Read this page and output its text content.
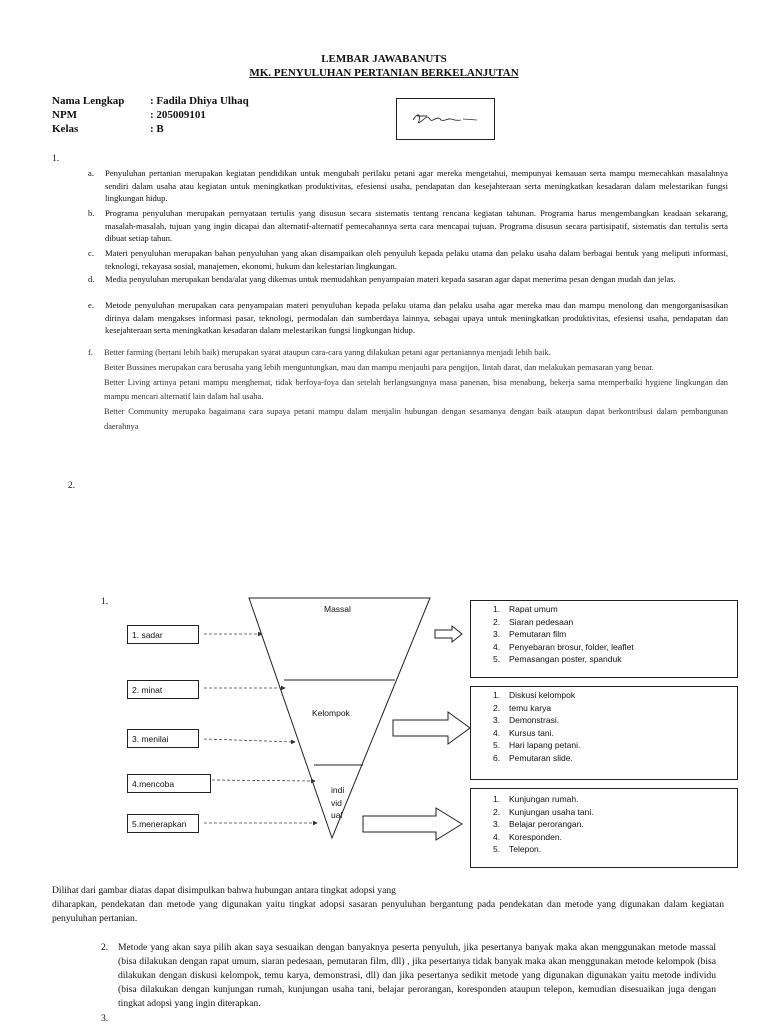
LEMBAR JAWABANUTS
MK. PENYULUHAN PERTANIAN BERKELANJUTAN
Nama Lengkap : Fadila Dhiya Ulhaq
NPM	: 205009101
Kelas	: B
1.
a. Penyuluhan pertanian merupakan kegiatan pendidikan untuk mengubah perilaku petani agar mereka mengetahui, mempunyai kemauan serta mampu memecahkan masalahnya sendiri dalam usaha atau kegiatan untuk meningkatkan produktivitas, efesiensi usaha, pendapatan dan kesejahteraan serta meningkatkan kesadaran dalam melestarikan fungsi lingkungan hidup.
b. Programa penyuluhan merupakan pernyataan tertulis yang disusun secara sistematis tentang rencana kegiatan tahunan. Programa harus mengembangkan keadaan sekarang, masalah-masalah, tujuan yang ingin dicapai dan alternatif-alternatif pemecahannya serta cara mencapai tujuan. Programa disusun secara partisipatif, sistematis dan tertulis serta dibuat setiap tahun.
c. Materi penyuluhan merupakan bahan penyuluhan yang akan disampaikan oleh penyuluh kepada pelaku utama dan pelaku usaha dalam berbagai bentuk yang meliputi informasi, teknologi, rekayasa sosial, manajemen, ekonomi, hukum dan kelestarian lingkungan.
d. Media penyuluhan merupakan benda/alat yang dikemas untuk memudahkan penyampaian materi kepada sasaran agar dapat menerima pesan dengan mudah dan jelas.
e. Metode penyuluhan merupakan cara penyampaian materi penyuluhan kepada pelaku utama dan pelaku usaha agar mereka mau dan mampu menolong dan mengorganisasikan dirinya dalam mengakses informasi pasar, teknologi, permodalan dan sumberdaya lainnya, sebagai upaya untuk meningkatkan produktivitas, efesiensi usaha, pendapatan dan kesejahteraan serta meningkatkan kesadaran dalam melestarikan fungsi lingkungan hidup.
f. Better farming (bertani lebih baik) merupakan syarat ataupun cara-cara yanng dilakukan petani agar pertaniannya menjadi lebih baik.
Better Bussines merupakan cara berusaha yang lebih menguntungkan, mau dan mampu menjauhi para pengijon, lintah darat, dan melakukan pemasaran yang benar.
Better Living artinya petani mampu menghemat, tidak berfoya-foya dan setelah berlangsungnya masa panenan, bisa menabung, bekerja sama memperbaiki hygiene lingkungan dan mampu mencari alternatif lain dalam hal usaha.
Better Community merupaka bagaimana cara supaya petani mampu dalam menjalin hubungan dengan sesamanya dengan baik ataupun dapat berkontribusi dalam pembangunan daerahnya
2.
1.
Massal
Kelompok
indi
vid
ual
1. sadar
2. minat
3. menilai
4.mencoba
5.menerapkan
1. Rapat umum
2. Siaran pedesaan
3. Pemutaran film
4. Penyebaran brosur, folder, leaflet
5. Pemasangan poster, spanduk
1. Diskusi kelompok
2. temu karya
3. Demonstrasi.
4. Kursus tani.
5. Hari lapang petani.
6. Pemutaran slide.
1. Kunjungan rumah.
2. Kunjungan usaha tani.
3. Belajar perorangan.
4. Koresponden.
5. Telepon.
Dilihat dari gambar diatas dapat disimpulkan bahwa hubungan antara tingkat adopsi yang
diharapkan, pendekatan dan metode yang digunakan yaitu tingkat adopsi sasaran penyuluhan bergantung pada pendekatan dan metode yang digunakan dalam kegiatan penyuluhan pertanian.
2. Metode yang akan saya pilih akan saya sesuaikan dengan banyaknya peserta penyuluh, jika pesertanya banyak maka akan menggunakan metode massal (bisa dilakukan dengan rapat umum, siaran pedesaan, pemutaran film, dll) , jika pesertanya tidak banyak maka akan menggunakan metode kelompok (bisa dilakukan dengan diskusi kelompok, temu karya, demonstrasi, dll) dan jika pesertanya sedikit metode yang digunakan digunakan yaitu metode individu (bisa dilakukan dengan kunjungan rumah, kunjungan usaha tani, belajar perorangan, koresponden ataupun telepon, kemudian disesuaikan juga dengan tingkat adopsi yang ingin diterapkan.
3.
